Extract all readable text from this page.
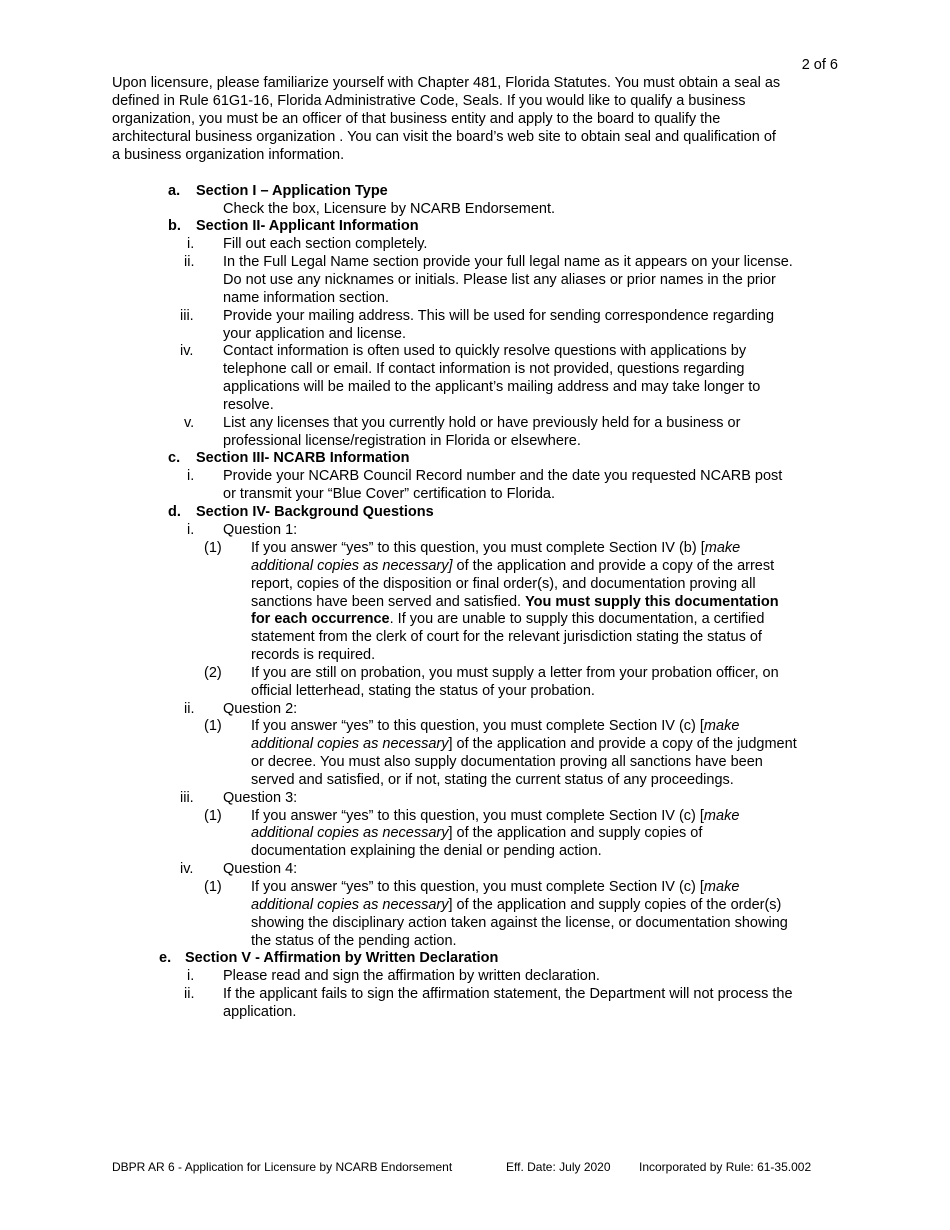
2 of 6
Upon licensure, please familiarize yourself with Chapter 481, Florida Statutes. You must obtain a seal as
defined in Rule 61G1-16, Florida Administrative Code, Seals. If you would like to qualify a business
organization, you must be an officer of that business entity and apply to the board to qualify the
architectural business organization . You can visit the board’s web site to obtain seal and qualification of
a business organization information.
a. Section I – Application Type
Check the box, Licensure by NCARB Endorsement.
b. Section II- Applicant Information
i. Fill out each section completely.
ii. In the Full Legal Name section provide your full legal name as it appears on your license.
Do not use any nicknames or initials. Please list any aliases or prior names in the prior
name information section.
iii. Provide your mailing address. This will be used for sending correspondence regarding
your application and license.
iv. Contact information is often used to quickly resolve questions with applications by
telephone call or email. If contact information is not provided, questions regarding
applications will be mailed to the applicant’s mailing address and may take longer to
resolve.
v. List any licenses that you currently hold or have previously held for a business or
professional license/registration in Florida or elsewhere.
c. Section III- NCARB Information
i. Provide your NCARB Council Record number and the date you requested NCARB post
or transmit your “Blue Cover” certification to Florida.
d. Section IV- Background Questions
i. Question 1:
(1) If you answer “yes” to this question, you must complete Section IV (b) [make
additional copies as necessary] of the application and provide a copy of the arrest
report, copies of the disposition or final order(s), and documentation proving all
sanctions have been served and satisfied. You must supply this documentation
for each occurrence. If you are unable to supply this documentation, a certified
statement from the clerk of court for the relevant jurisdiction stating the status of
records is required.
(2) If you are still on probation, you must supply a letter from your probation officer, on
official letterhead, stating the status of your probation.
ii. Question 2:
(1) If you answer “yes” to this question, you must complete Section IV (c) [make
additional copies as necessary] of the application and provide a copy of the judgment
or decree. You must also supply documentation proving all sanctions have been
served and satisfied, or if not, stating the current status of any proceedings.
iii. Question 3:
(1) If you answer “yes” to this question, you must complete Section IV (c) [make
additional copies as necessary] of the application and supply copies of
documentation explaining the denial or pending action.
iv. Question 4:
(1) If you answer “yes” to this question, you must complete Section IV (c) [make
additional copies as necessary] of the application and supply copies of the order(s)
showing the disciplinary action taken against the license, or documentation showing
the status of the pending action.
e. Section V - Affirmation by Written Declaration
i. Please read and sign the affirmation by written declaration.
ii. If the applicant fails to sign the affirmation statement, the Department will not process the
application.
DBPR AR 6 - Application for Licensure by NCARB Endorsement	Eff. Date: July 2020 Incorporated by Rule: 61-35.002
